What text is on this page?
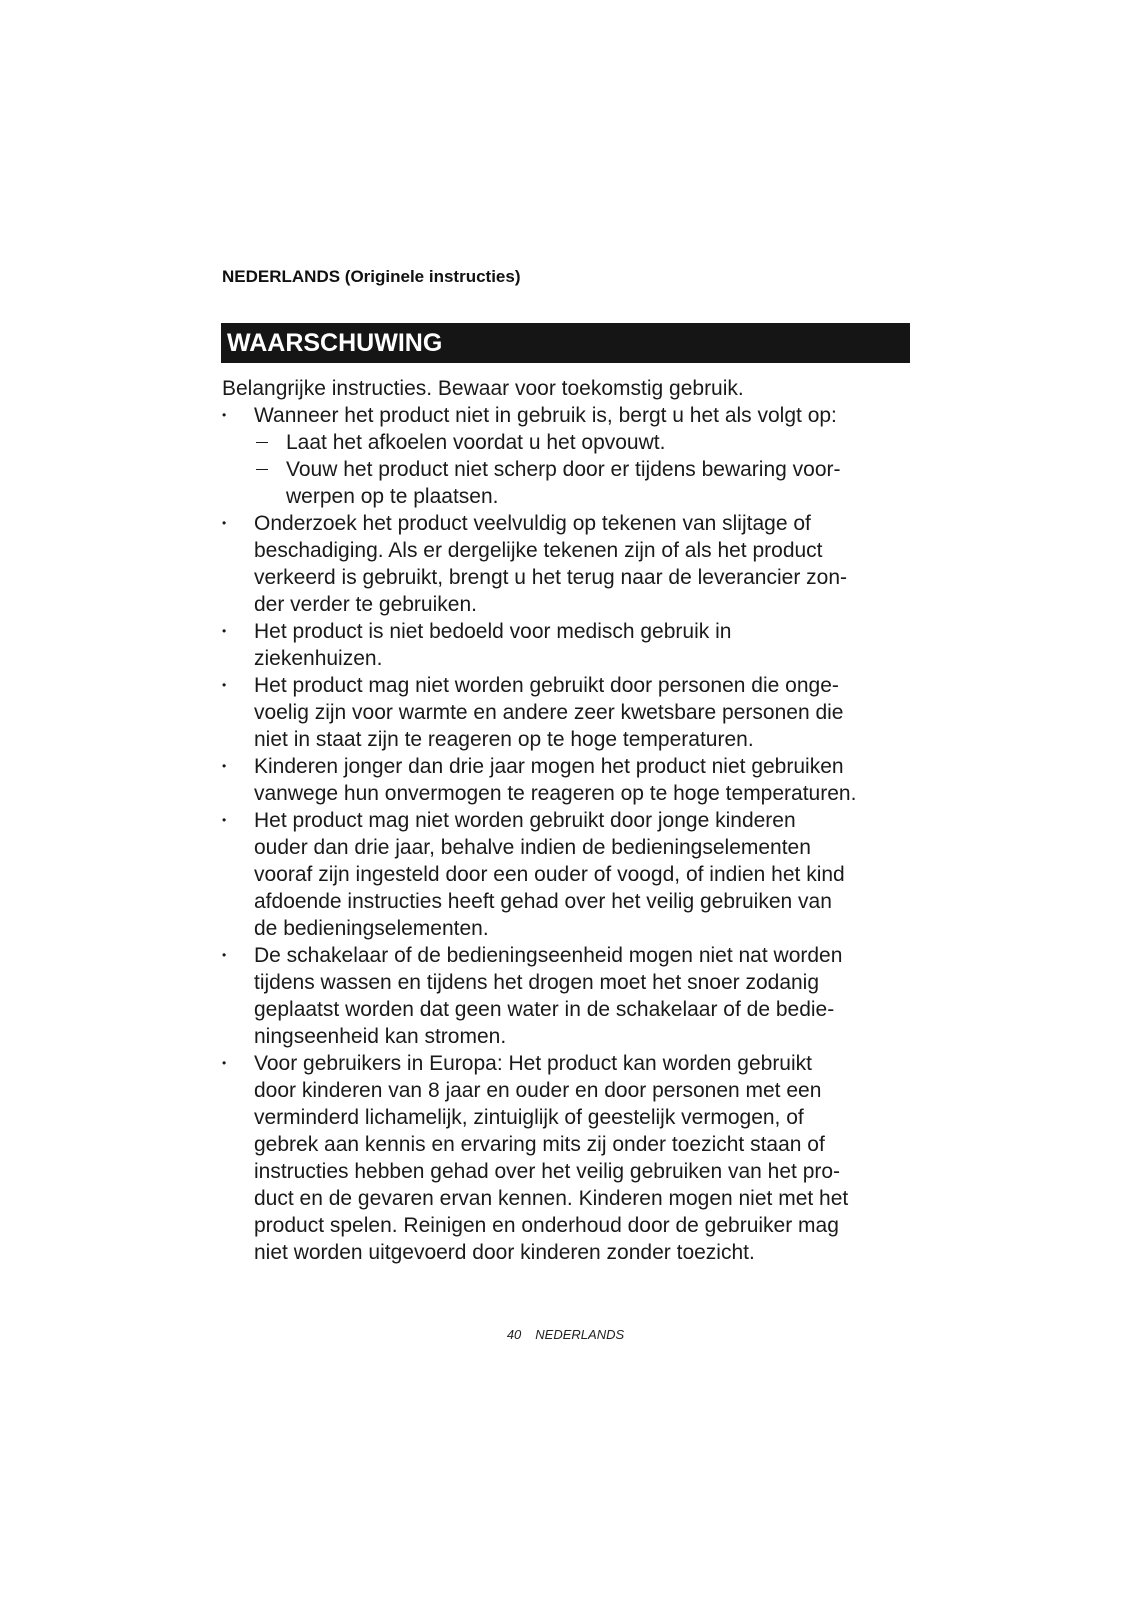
NEDERLANDS (Originele instructies)
WAARSCHUWING

Belangrijke instructies. Bewaar voor toekomstig gebruik.

• Wanneer het product niet in gebruik is, bergt u het als volgt op:
Laat het afkoelen voordat u het opvouwt.
Vouw het product niet scherp door er tijdens bewaring voor-
werpen op te plaatsen.
• Onderzoek het product veelvuldig op tekenen van slijtage of
beschadiging. Als er dergelijke tekenen zijn of als het product
verkeerd is gebruikt, brengt u het terug naar de leverancier zon-
der verder te gebruiken.
• Het product is niet bedoeld voor medisch gebruik in
ziekenhuizen.
• Het product mag niet worden gebruikt door personen die onge-
voelig zijn voor warmte en andere zeer kwetsbare personen die
niet in staat zijn te reageren op te hoge temperaturen.
• Kinderen jonger dan drie jaar mogen het product niet gebruiken
vanwege hun onvermogen te reageren op te hoge temperaturen.
• Het product mag niet worden gebruikt door jonge kinderen
ouder dan drie jaar, behalve indien de bedieningselementen
vooraf zijn ingesteld door een ouder of voogd, of indien het kind
afdoende instructies heeft gehad over het veilig gebruiken van
de bedieningselementen.
• De schakelaar of de bedieningseenheid mogen niet nat worden
tijdens wassen en tijdens het drogen moet het snoer zodanig
geplaatst worden dat geen water in de schakelaar of de bedie-
ningseenheid kan stromen.
• Voor gebruikers in Europa: Het product kan worden gebruikt
door kinderen van 8 jaar en ouder en door personen met een
verminderd lichamelijk, zintuiglijk of geestelijk vermogen, of
gebrek aan kennis en ervaring mits zij onder toezicht staan of
instructies hebben gehad over het veilig gebruiken van het pro-
duct en de gevaren ervan kennen. Kinderen mogen niet met het
product spelen. Reinigen en onderhoud door de gebruiker mag
niet worden uitgevoerd door kinderen zonder toezicht.
40 NEDERLANDS
